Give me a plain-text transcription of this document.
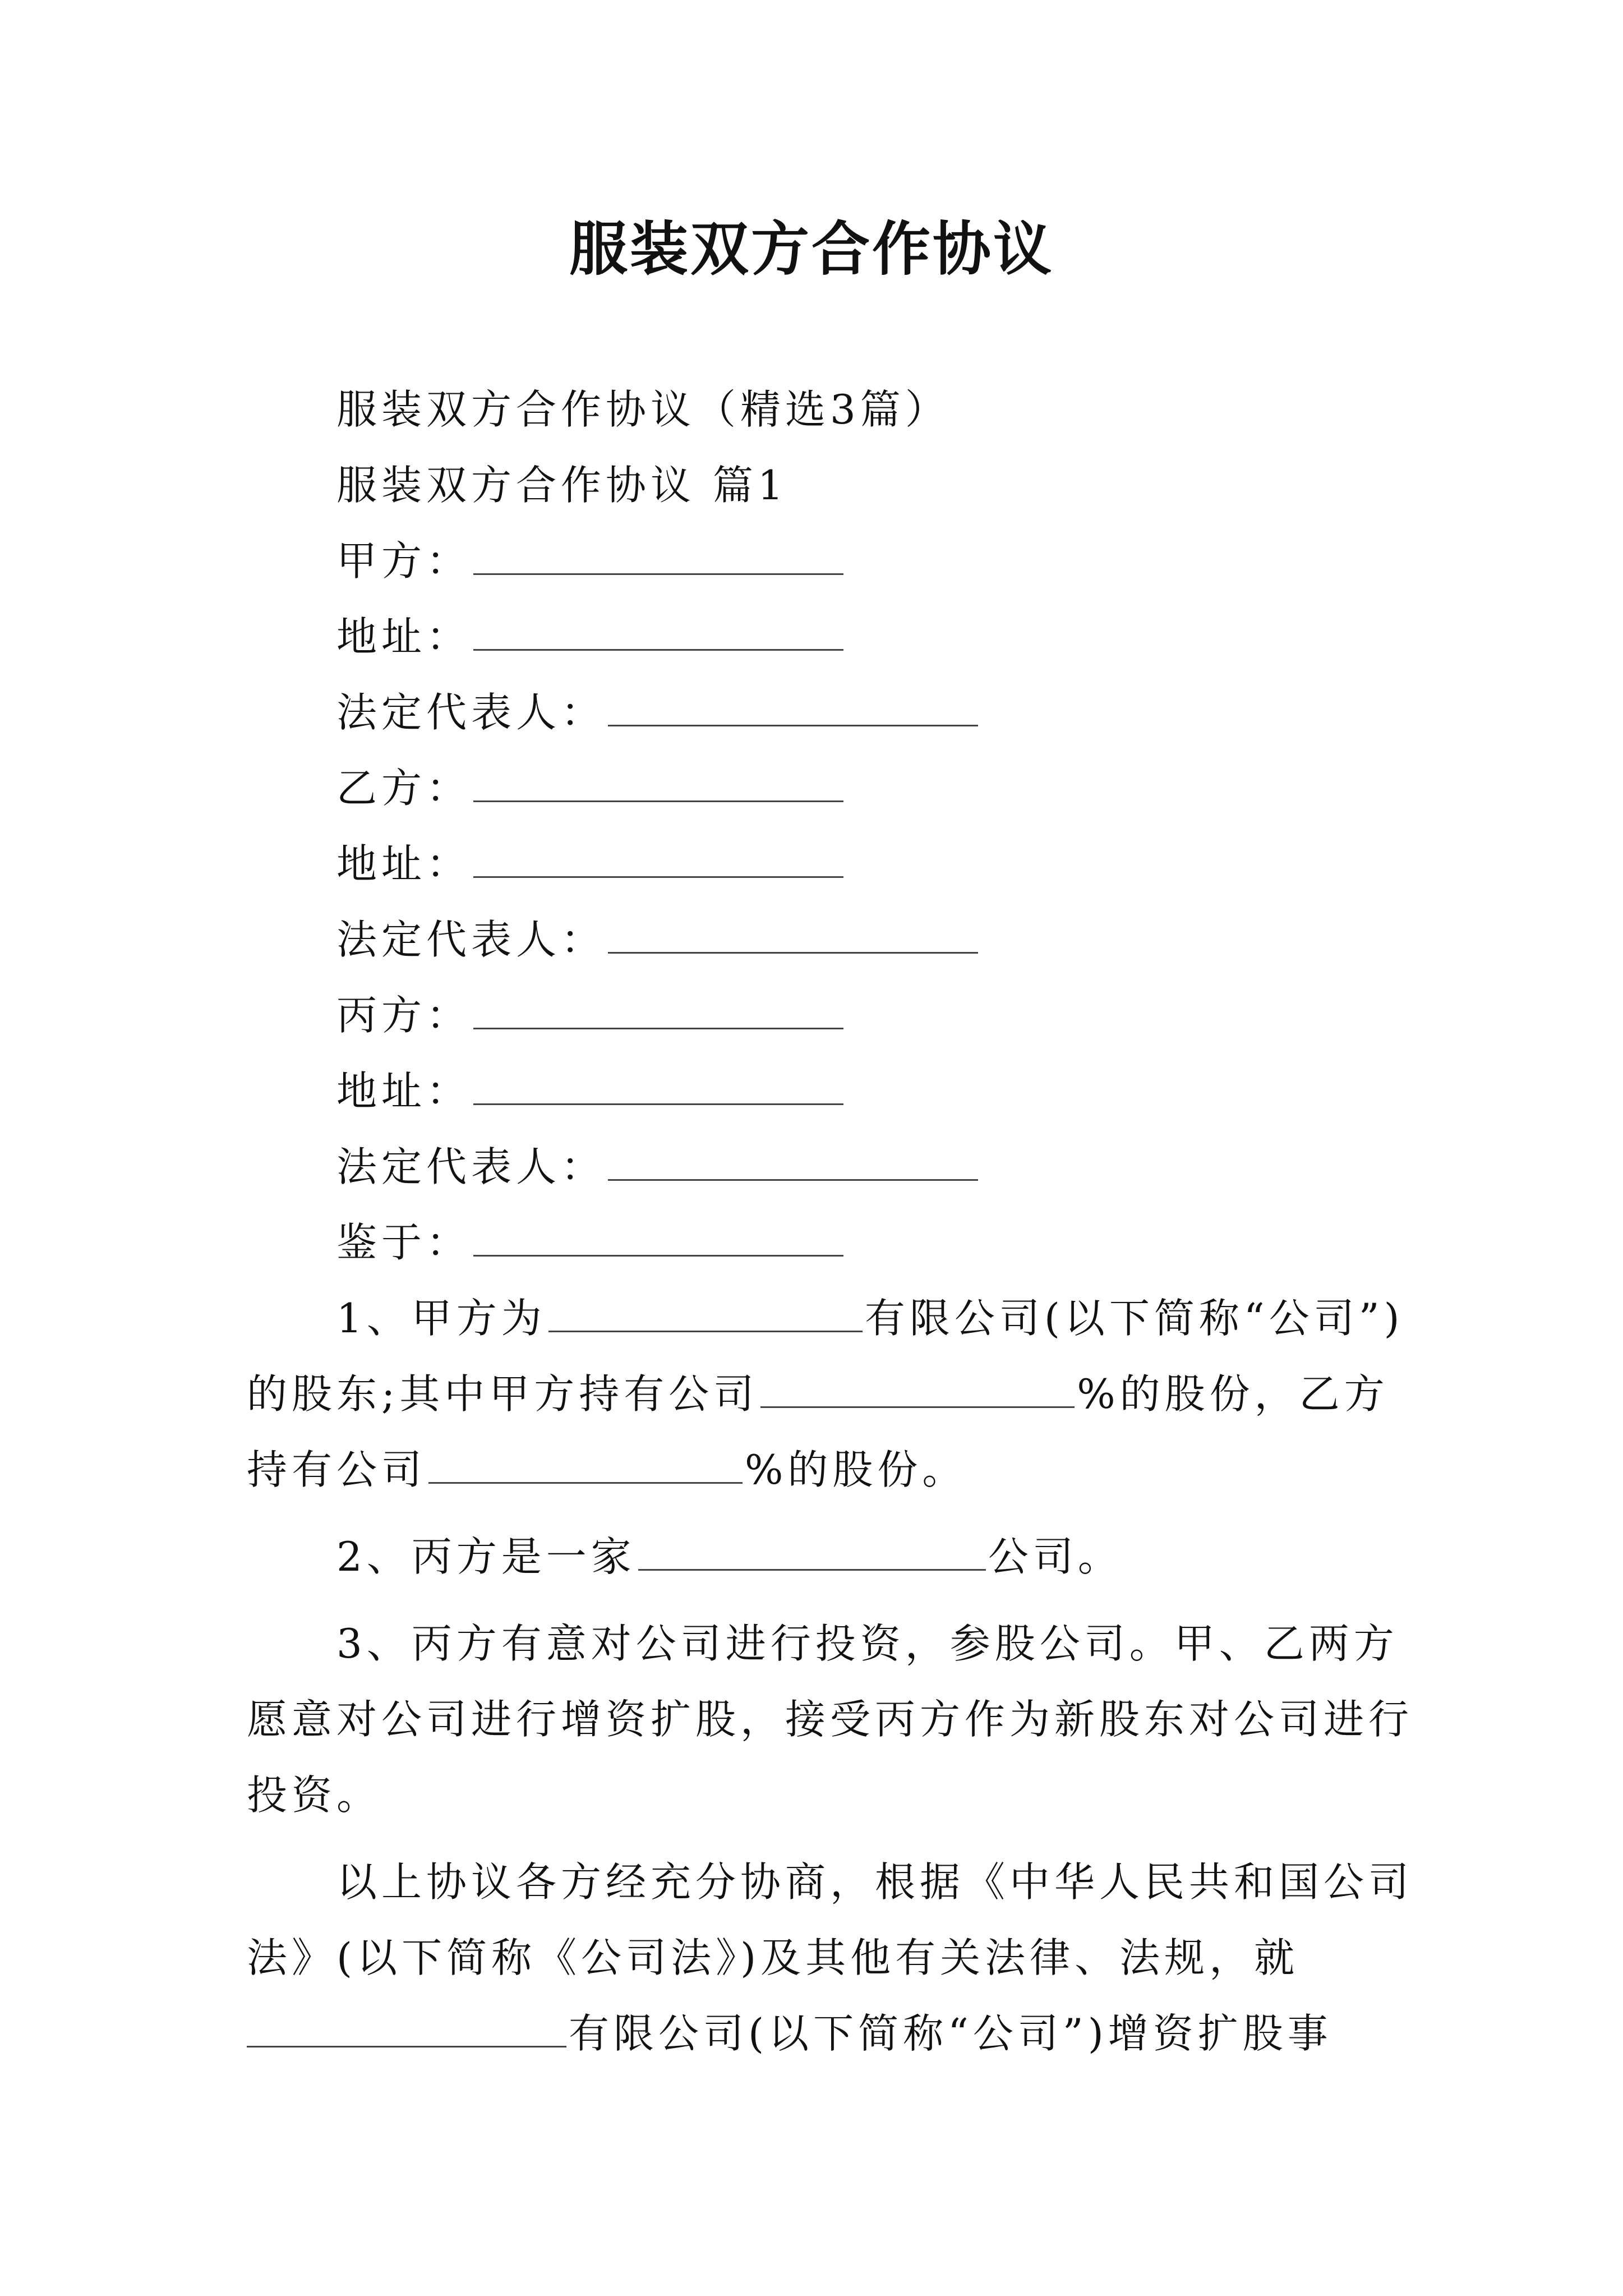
服装双方合作协议
服装双方合作协议（精选3篇）
服装双方合作协议 篇1
甲方：
地址：
法定代表人：
乙方：
地址：
法定代表人：
丙方：
地址：
法定代表人：
鉴于：
1、甲方为	有限公司(以下简称“公司”)
的股东;其中甲方持有公司	%的股份，乙方
持有公司	%的股份。
2、丙方是一家	公司。
3、丙方有意对公司进行投资，参股公司。甲、乙两方
愿意对公司进行增资扩股，接受丙方作为新股东对公司进行
投资。
以上协议各方经充分协商，根据《中华人民共和国公司
法》(以下简称《公司法》)及其他有关法律、法规，就
有限公司(以下简称“公司”)增资扩股事
